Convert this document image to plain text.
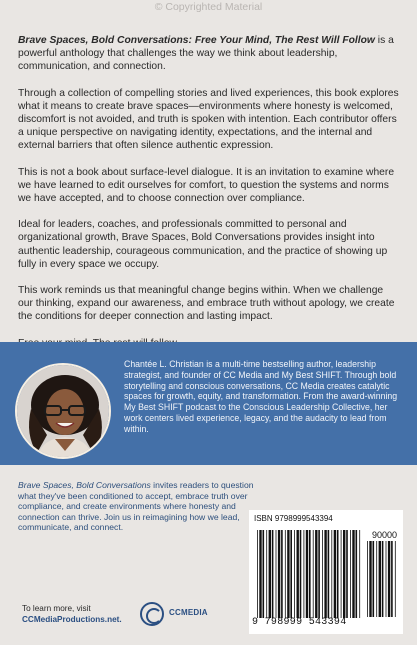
© Copyrighted Material

Brave Spaces, Bold Conversations: Free Your Mind, The Rest Will Follow is a powerful anthology that challenges the way we think about leadership, communication, and connection.

Through a collection of compelling stories and lived experiences, this book explores what it means to create brave spaces—environments where honesty is welcomed, discomfort is not avoided, and truth is spoken with intention. Each contributor offers a unique perspective on navigating identity, expectations, and the internal and external barriers that often silence authentic expression.

This is not a book about surface-level dialogue. It is an invitation to examine where we have learned to edit ourselves for comfort, to question the systems and norms we have accepted, and to choose connection over compliance.

Ideal for leaders, coaches, and professionals committed to personal and organizational growth, Brave Spaces, Bold Conversations provides insight into authentic leadership, courageous communication, and the practice of showing up fully in every space we occupy.

This work reminds us that meaningful change begins within. When we challenge our thinking, expand our awareness, and embrace truth without apology, we create the conditions for deeper connection and lasting impact.

Chantée L. Christian is a multi-time bestselling author, leadership strategist, and founder of CC Media and My Best SHIFT. Through bold storytelling and conscious conversations, CC Media creates catalytic spaces for growth, equity, and transformation. From the award-winning My Best SHIFT podcast to the Conscious Leadership Collective, her work centers lived experience, legacy, and the audacity to lead from within.
Brave Spaces, Bold Conversations invites readers to question what they've been conditioned to accept, embrace truth over compliance, and create environments where honesty and connection can thrive. Join us in reimagining how we lead, communicate, and connect.
ISBN 9798999543394
90000
9 798999 543394
To learn more, visit
CCMediaProductions.net.
CCMEDIA
